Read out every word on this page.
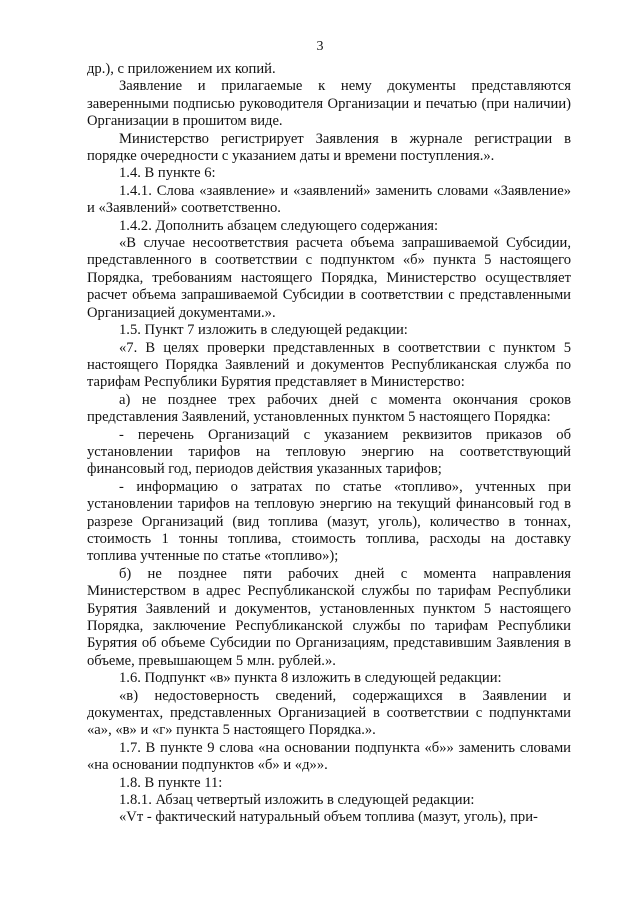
3

др.), с приложением их копий.

Заявление и прилагаемые к нему документы представляются заверенными подписью руководителя Организации и печатью (при наличии) Организации в прошитом виде.

Министерство регистрирует Заявления в журнале регистрации в порядке очередности с указанием даты и времени поступления.».

1.4. В пункте 6:

1.4.1. Слова «заявление» и «заявлений» заменить словами «Заявление» и «Заявлений» соответственно.

1.4.2. Дополнить абзацем следующего содержания:

«В случае несоответствия расчета объема запрашиваемой Субсидии, представленного в соответствии с подпунктом «б» пункта 5 настоящего Порядка, требованиям настоящего Порядка, Министерство осуществляет расчет объема запрашиваемой Субсидии в соответствии с представленными Организацией документами.».

1.5. Пункт 7 изложить в следующей редакции:

«7. В целях проверки представленных в соответствии с пунктом 5 настоящего Порядка Заявлений и документов Республиканская служба по тарифам Республики Бурятия представляет в Министерство:

а) не позднее трех рабочих дней с момента окончания сроков представления Заявлений, установленных пунктом 5 настоящего Порядка:

- перечень Организаций с указанием реквизитов приказов об установлении тарифов на тепловую энергию на соответствующий финансовый год, периодов действия указанных тарифов;

- информацию о затратах по статье «топливо», учтенных при установлении тарифов на тепловую энергию на текущий финансовый год в разрезе Организаций (вид топлива (мазут, уголь), количество в тоннах, стоимость 1 тонны топлива, стоимость топлива, расходы на доставку топлива учтенные по статье «топливо»);

б) не позднее пяти рабочих дней с момента направления Министерством в адрес Республиканской службы по тарифам Республики Бурятия Заявлений и документов, установленных пунктом 5 настоящего Порядка, заключение Республиканской службы по тарифам Республики Бурятия об объеме Субсидии по Организациям, представившим Заявления в объеме, превышающем 5 млн. рублей.».

1.6. Подпункт «в» пункта 8 изложить в следующей редакции:

«в) недостоверность сведений, содержащихся в Заявлении и документах, представленных Организацией в соответствии с подпунктами «а», «в» и «г» пункта 5 настоящего Порядка.».

1.7. В пункте 9 слова «на основании подпункта «б»» заменить словами «на основании подпунктов «б» и «д»».

1.8. В пункте 11:

1.8.1. Абзац четвертый изложить в следующей редакции:

«Vт - фактический натуральный объем топлива (мазут, уголь), при-
